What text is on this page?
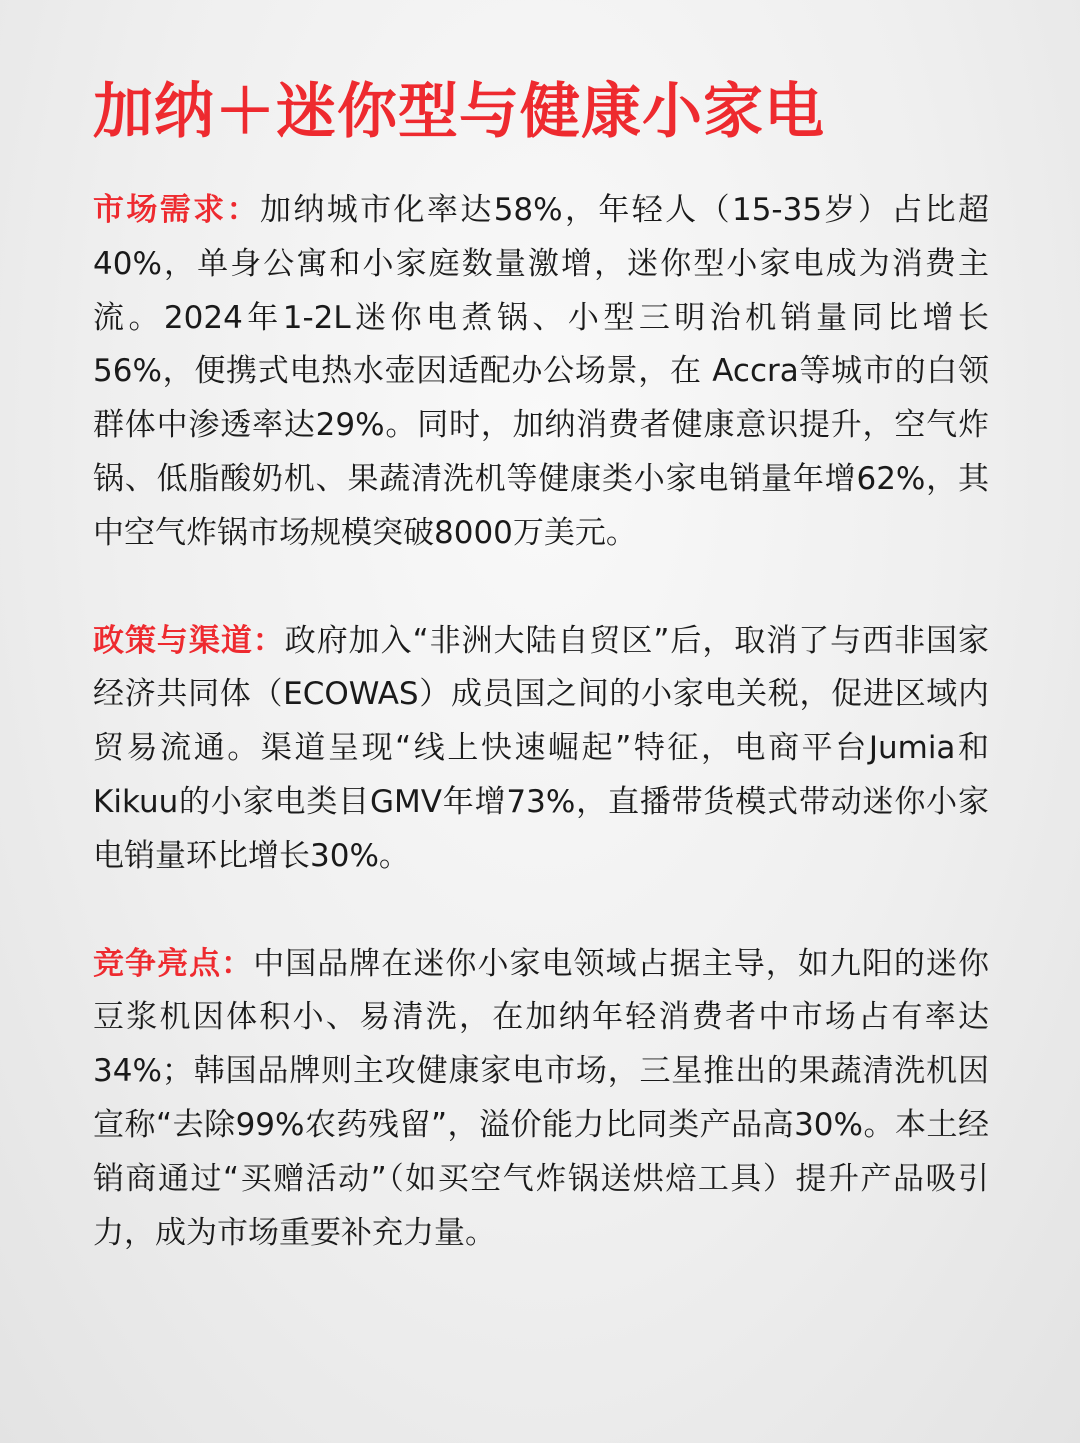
加纳＋迷你型与健康小家电

市场需求：加纳城市化率达58%，年轻人（15-35岁）占比超40%，单身公寓和小家庭数量激增，迷你型小家电成为消费主流。2024年1-2L迷你电煮锅、小型三明治机销量同比增长56%，便携式电热水壶因适配办公场景，在 Accra等城市的白领群体中渗透率达29%。同时，加纳消费者健康意识提升，空气炸锅、低脂酸奶机、果蔬清洗机等健康类小家电销量年增62%，其中空气炸锅市场规模突破8000万美元。

政策与渠道：政府加入“非洲大陆自贸区”后，取消了与西非国家经济共同体（ECOWAS）成员国之间的小家电关税，促进区域内贸易流通。渠道呈现“线上快速崛起”特征，电商平台Jumia和Kikuu的小家电类目GMV年增73%，直播带货模式带动迷你小家电销量环比增长30%。

竞争亮点：中国品牌在迷你小家电领域占据主导，如九阳的迷你豆浆机因体积小、易清洗，在加纳年轻消费者中市场占有率达34%；韩国品牌则主攻健康家电市场，三星推出的果蔬清洗机因宣称“去除99%农药残留”，溢价能力比同类产品高30%。本土经销商通过“买赠活动”（如买空气炸锅送烘焙工具）提升产品吸引力，成为市场重要补充力量。
